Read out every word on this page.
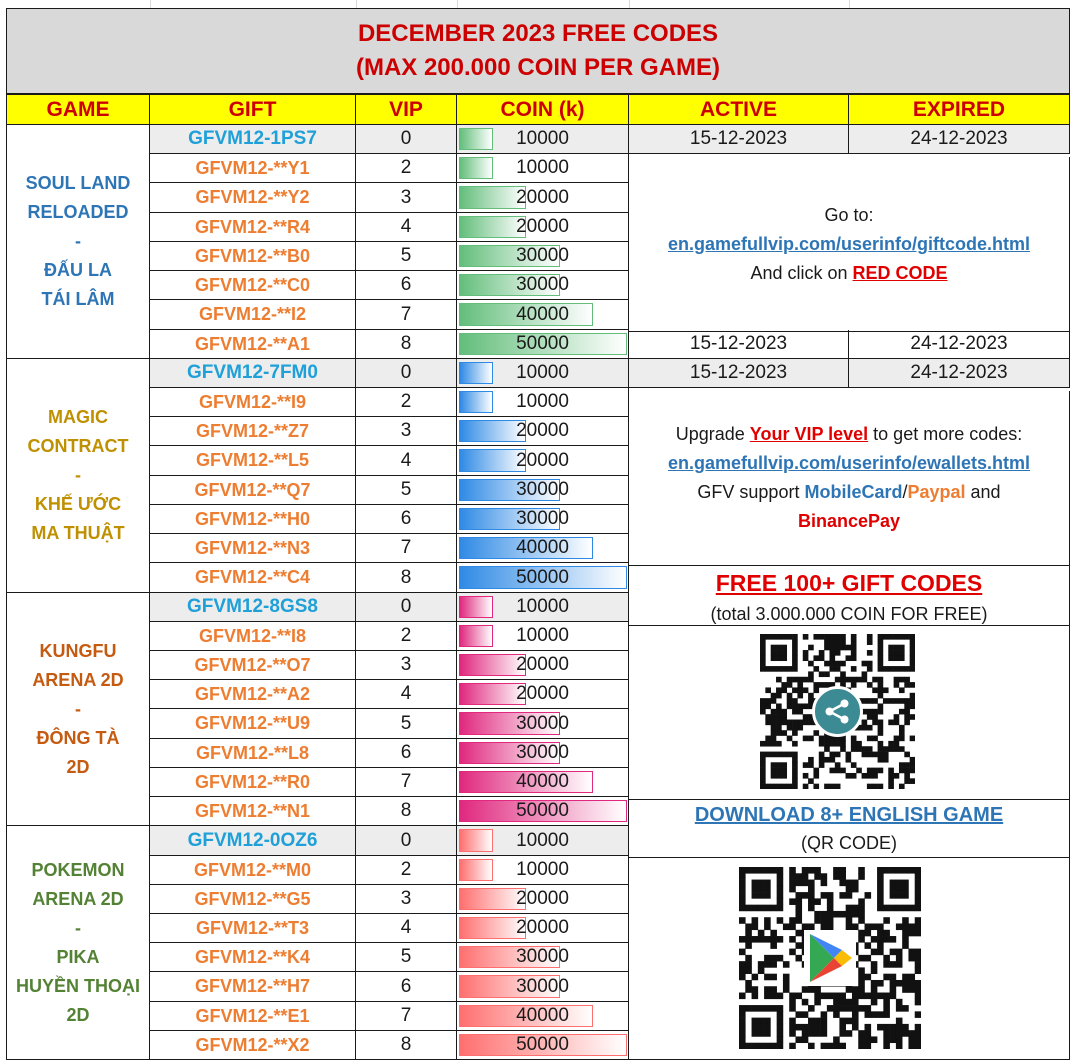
DECEMBER 2023 FREE CODES
(MAX 200.000 COIN PER GAME)
GAME	GIFT	VIP	COIN (k)	ACTIVE	EXPIRED
SOUL LAND
RELOADED
-
ĐẤU LA
TÁI LÂM
GFVM12-1PS7	0	10000	15-12-2023	24-12-2023
GFVM12-**Y1	2	10000
GFVM12-**Y2	3	20000
GFVM12-**R4	4	20000
GFVM12-**B0	5	30000
GFVM12-**C0	6	30000
GFVM12-**I2	7	40000
GFVM12-**A1	8	50000	15-12-2023	24-12-2023
MAGIC
CONTRACT
-
KHẾ ƯỚC
MA THUẬT
GFVM12-7FM0	0	10000	15-12-2023	24-12-2023
GFVM12-**I9	2	10000
GFVM12-**Z7	3	20000
GFVM12-**L5	4	20000
GFVM12-**Q7	5	30000
GFVM12-**H0	6	30000
GFVM12-**N3	7	40000
GFVM12-**C4	8	50000
KUNGFU
ARENA 2D
-
ĐÔNG TÀ
2D
GFVM12-8GS8	0	10000
GFVM12-**I8	2	10000
GFVM12-**O7	3	20000
GFVM12-**A2	4	20000
GFVM12-**U9	5	30000
GFVM12-**L8	6	30000
GFVM12-**R0	7	40000
GFVM12-**N1	8	50000
POKEMON
ARENA 2D
-
PIKA
HUYỀN THOẠI
2D
GFVM12-0OZ6	0	10000
GFVM12-**M0	2	10000
GFVM12-**G5	3	20000
GFVM12-**T3	4	20000
GFVM12-**K4	5	30000
GFVM12-**H7	6	30000
GFVM12-**E1	7	40000
GFVM12-**X2	8	50000
Go to:
en.gamefullvip.com/userinfo/giftcode.html
And click on RED CODE
Upgrade Your VIP level to get more codes:
en.gamefullvip.com/userinfo/ewallets.html
GFV support MobileCard/Paypal and
BinancePay
FREE 100+ GIFT CODES
(total 3.000.000 COIN FOR FREE)
DOWNLOAD 8+ ENGLISH GAME
(QR CODE)
